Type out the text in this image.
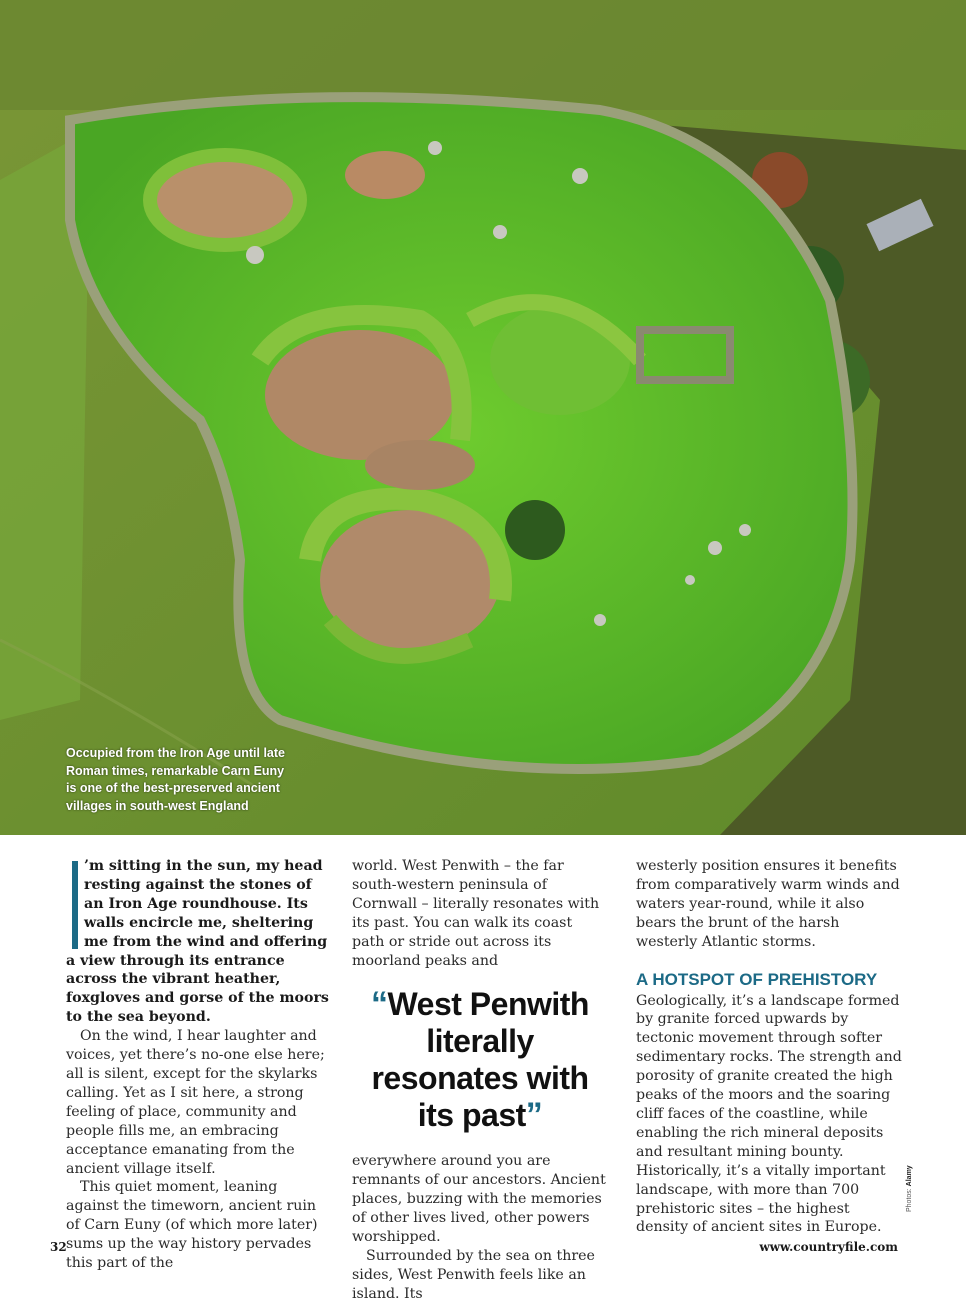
Occupied from the Iron Age until late Roman times, remarkable Carn Euny is one of the best-preserved ancient villages in south-west England

’m sitting in the sun, my head resting against the stones of an Iron Age roundhouse. Its walls encircle me, sheltering me from the wind and offering a view through its entrance across the vibrant heather, foxgloves and gorse of the moors to the sea beyond.

On the wind, I hear laughter and voices, yet there’s no-one else here; all is silent, except for the skylarks calling. Yet as I sit here, a strong feeling of place, community and people fills me, an embracing acceptance emanating from the ancient village itself.

This quiet moment, leaning against the timeworn, ancient ruin of Carn Euny (of which more later) sums up the way history pervades this part of the

world. West Penwith – the far south-western peninsula of Cornwall – literally resonates with its past. You can walk its coast path or stride out across its moorland peaks and

“West Penwith literally resonates with its past”

everywhere around you are remnants of our ancestors. Ancient places, buzzing with the memories of other lives lived, other powers worshipped.

Surrounded by the sea on three sides, West Penwith feels like an island. Its

westerly position ensures it benefits from comparatively warm winds and waters year-round, while it also bears the brunt of the harsh westerly Atlantic storms.

A HOTSPOT OF PREHISTORY

Geologically, it’s a landscape formed by granite forced upwards by tectonic movement through softer sedimentary rocks. The strength and porosity of granite created the high peaks of the moors and the soaring cliff faces of the coastline, while enabling the rich mineral deposits and resultant mining bounty. Historically, it’s a vitally important landscape, with more than 700 prehistoric sites – the highest density of ancient sites in Europe.

Photos: Alamy
32	www.countryfile.com
